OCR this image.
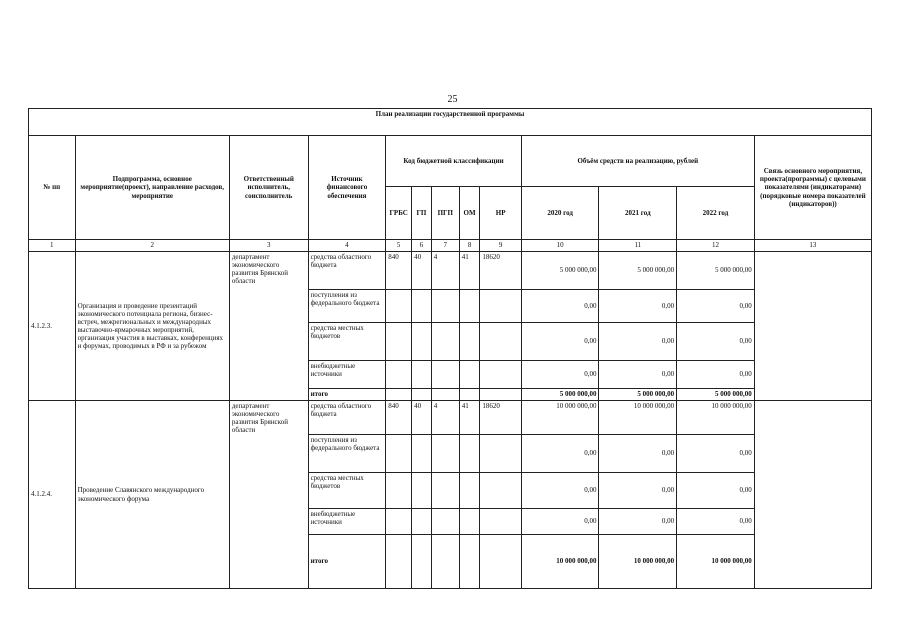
25
План реализации государственной программы												
№ пп	Подпрограмма, основное мероприятие(проект), направление расходов, мероприятие	Ответственный исполнитель, соисполнитель	Источник финансового обеспечения	Код бюджетной классификации					Объём средств на реализацию, рублей			Связь основного мероприятия, проекта(программы) с целевыми показателями (индикаторами) (порядковые номера показателей (индикаторов))
				ГРБС	ГП	ПГП	ОМ	НР	2020 год	2021 год	2022 год	
1	2	3	4	5	6	7	8	9	10	11	12	13
4.1.2.3.	Организация и проведение презентаций экономического потенциала региона, бизнес-встреч, межрегиональных и международных выставочно-ярмарочных мероприятий, организация участия в выставках, конференциях и форумах, проводимых в РФ и за рубежом	департамент экономического развития Брянской области	средства областного бюджета	840	40	4	41	18620	5 000 000,00	5 000 000,00	5 000 000,00	
			поступления из федерального бюджета						0,00	0,00	0,00	
			средства местных бюджетов						0,00	0,00	0,00	
			внебюджетные источники						0,00	0,00	0,00	
			итого						5 000 000,00	5 000 000,00	5 000 000,00	
4.1.2.4.	Проведение Славянского международного экономического форума	департамент экономического развития Брянской области	средства областного бюджета	840	40	4	41	18620	10 000 000,00	10 000 000,00	10 000 000,00	
			поступления из федерального бюджета						0,00	0,00	0,00	
			средства местных бюджетов						0,00	0,00	0,00	
			внебюджетные источники						0,00	0,00	0,00	
			итого						10 000 000,00	10 000 000,00	10 000 000,00	
